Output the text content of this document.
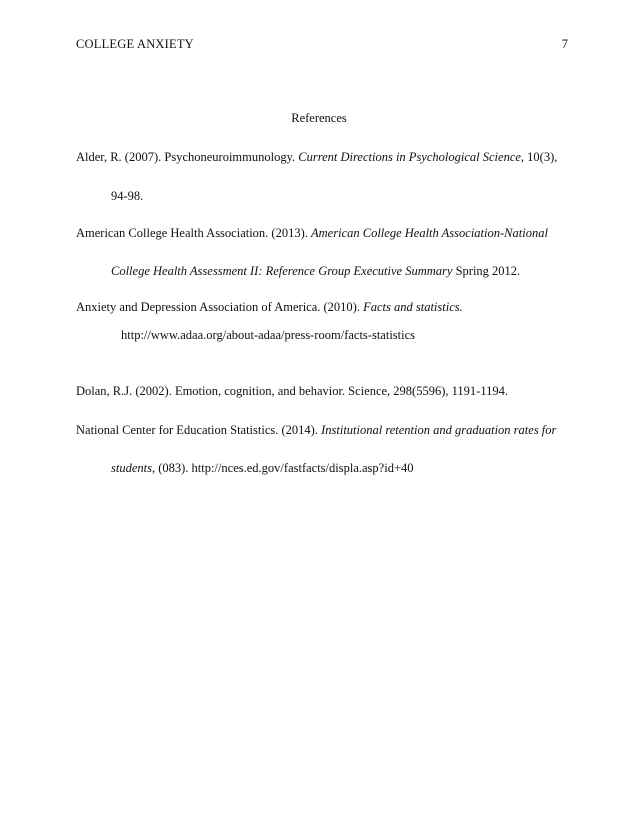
COLLEGE ANXIETY	7
References
Alder, R. (2007). Psychoneuroimmunology. Current Directions in Psychological Science, 10(3),
94-98.
American College Health Association. (2013). American College Health Association-National
College Health Assessment II: Reference Group Executive Summary Spring 2012.
Anxiety and Depression Association of America. (2010). Facts and statistics.
http://www.adaa.org/about-adaa/press-room/facts-statistics
Dolan, R.J. (2002). Emotion, cognition, and behavior. Science, 298(5596), 1191-1194.
National Center for Education Statistics. (2014). Institutional retention and graduation rates for
students, (083). http://nces.ed.gov/fastfacts/displa.asp?id+40
